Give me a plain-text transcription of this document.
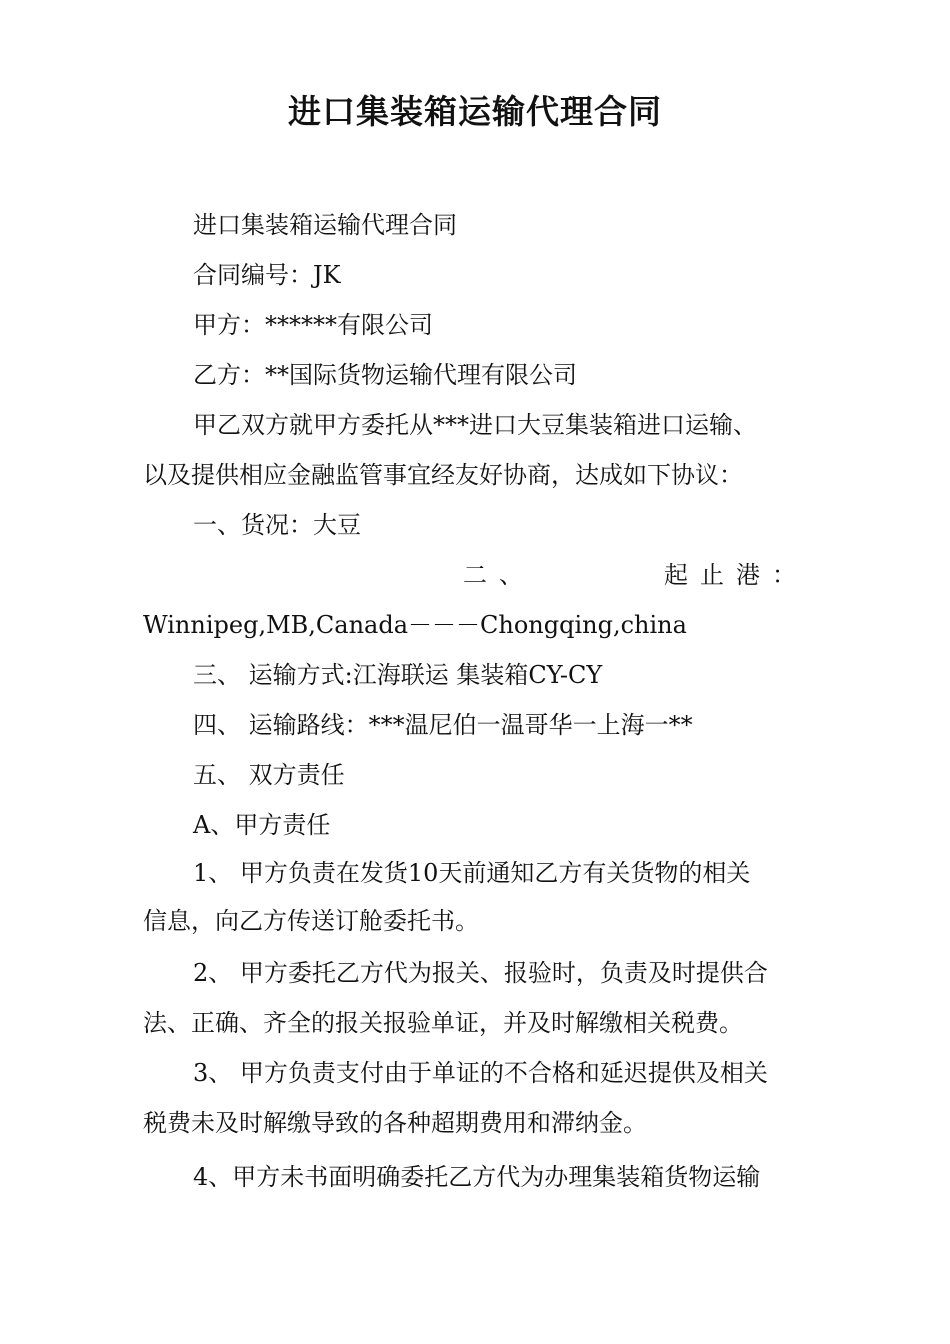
进口集装箱运输代理合同

进口集装箱运输代理合同

合同编号：JK

甲方：******有限公司

乙方：**国际货物运输代理有限公司

甲乙双方就甲方委托从***进口大豆集装箱进口运输、

以及提供相应金融监管事宜经友好协商，达成如下协议：

一、货况：大豆

二、	起止港：

Winnipeg,MB,Canada－－－Chongqing,china

三、 运输方式:江海联运 集装箱CY-CY

四、 运输路线：***温尼伯一温哥华一上海一**

五、 双方责任

A、甲方责任

1、 甲方负责在发货10天前通知乙方有关货物的相关

信息，向乙方传送订舱委托书。

2、 甲方委托乙方代为报关、报验时，负责及时提供合

法、正确、齐全的报关报验单证，并及时解缴相关税费。

3、 甲方负责支付由于单证的不合格和延迟提供及相关

税费未及时解缴导致的各种超期费用和滞纳金。

4、甲方未书面明确委托乙方代为办理集装箱货物运输
